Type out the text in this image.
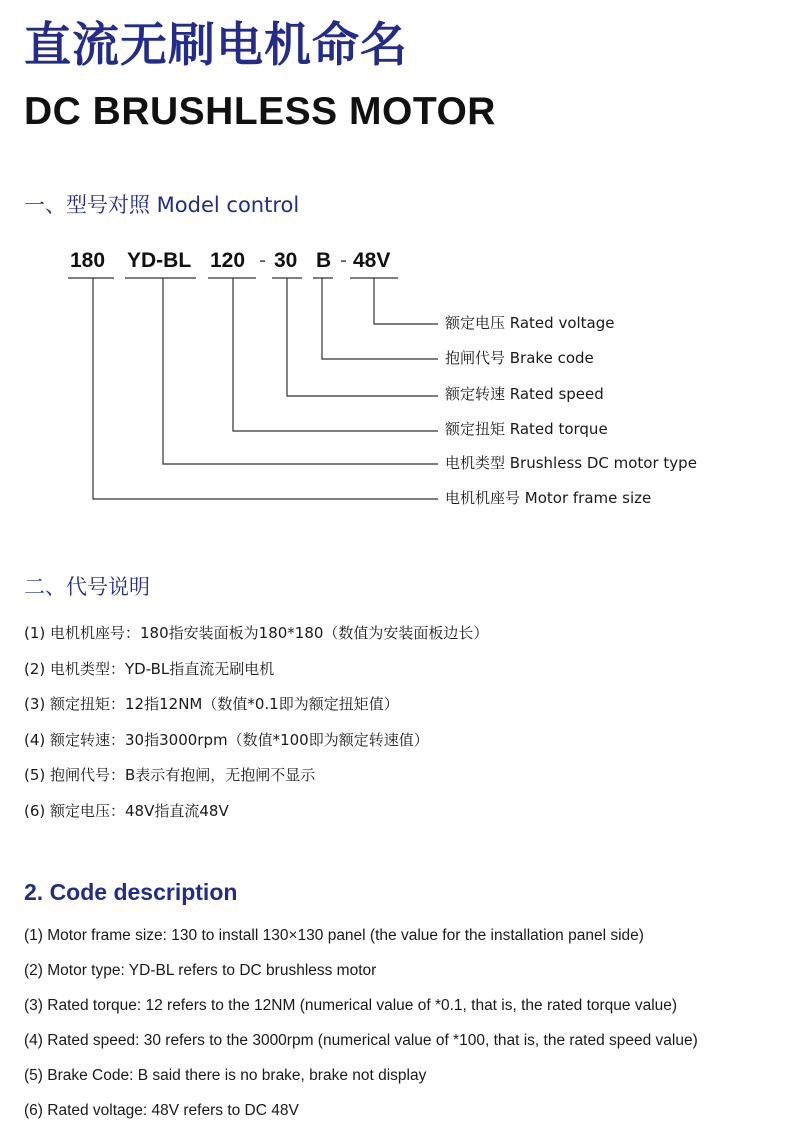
直流无刷电机命名
DC BRUSHLESS MOTOR
一、型号对照 Model control
180 YD-BL 120 - 30 B - 48V
额定电压 Rated voltage
抱闸代号 Brake code
额定转速 Rated speed
额定扭矩 Rated torque
电机类型 Brushless DC motor type
电机机座号 Motor frame size
二、代号说明
(1) 电机机座号：180指安装面板为180*180（数值为安装面板边长）
(2) 电机类型：YD-BL指直流无刷电机
(3) 额定扭矩：12指12NM（数值*0.1即为额定扭矩值）
(4) 额定转速：30指3000rpm（数值*100即为额定转速值）
(5) 抱闸代号：B表示有抱闸，无抱闸不显示
(6) 额定电压：48V指直流48V
2. Code description
(1) Motor frame size: 130 to install 130×130 panel (the value for the installation panel side)
(2) Motor type: YD-BL refers to DC brushless motor
(3) Rated torque: 12 refers to the 12NM (numerical value of *0.1, that is, the rated torque value)
(4) Rated speed: 30 refers to the 3000rpm (numerical value of *100, that is, the rated speed value)
(5) Brake Code: B said there is no brake, brake not display
(6) Rated voltage: 48V refers to DC 48V
